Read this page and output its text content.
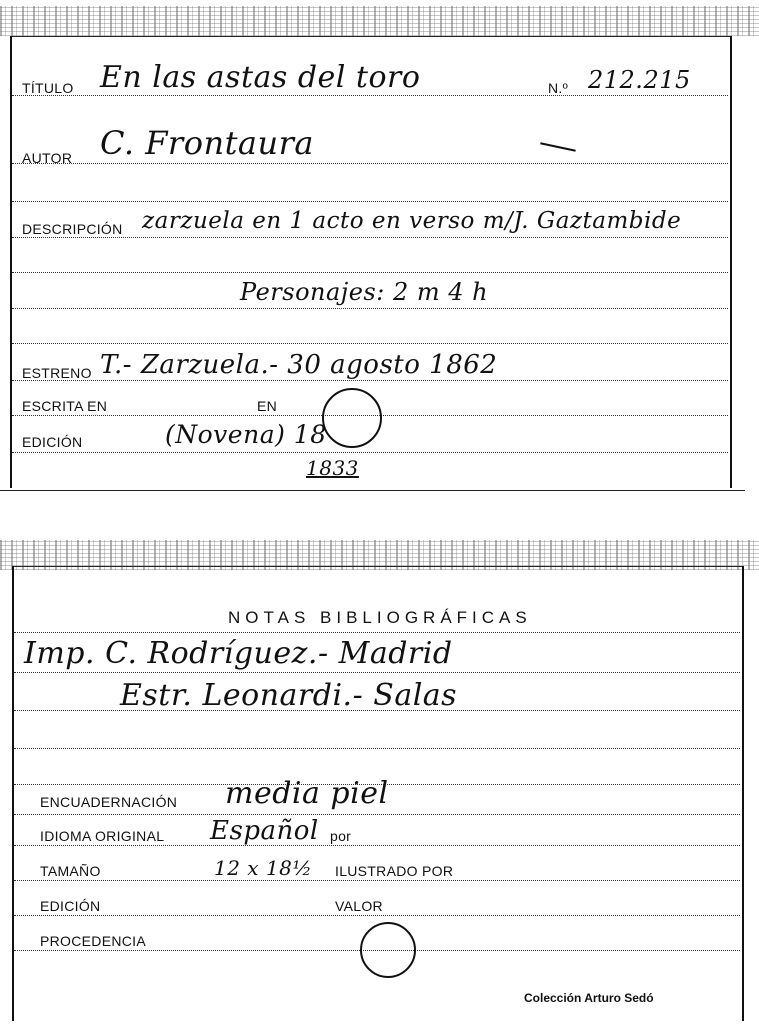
TÍTULO En las astas del toro	N.º 212.215
AUTOR C. Frontaura
DESCRIPCIÓN zarzuela en 1 acto en verso m/J. Gaztambide
Personajes: 2 m 4 h
ESTRENO T.- Zarzuela.- 30 agosto 1862
ESCRITA EN	EN
EDICIÓN	(Novena) 18
1833
NOTAS BIBLIOGRÁFICAS
Imp. C. Rodríguez.- Madrid
Estr. Leonardi.- Salas
ENCUADERNACIÓN media piel
IDIOMA ORIGINAL Español por
TAMAÑO	12 x 18½ ILUSTRADO POR
EDICIÓN	VALOR
PROCEDENCIA
Colección Arturo Sedó
